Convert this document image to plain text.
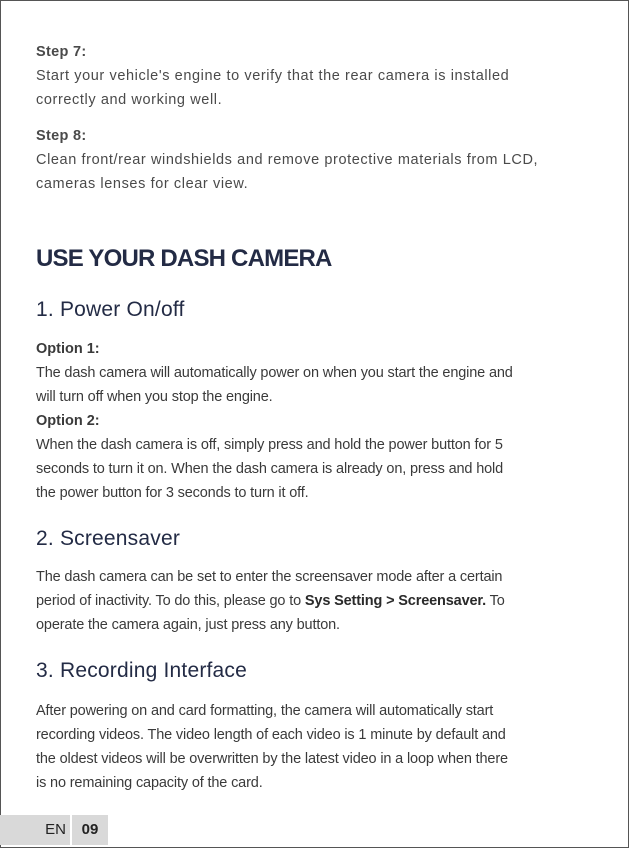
Step 7:

Start your vehicle's engine to verify that the rear camera is installed

correctly and working well.

Step 8:

Clean front/rear windshields and remove protective materials from LCD,

cameras lenses for clear view.

USE YOUR DASH CAMERA
1. Power On/off

Option 1:

The dash camera will automatically power on when you start the engine and

will turn off when you stop the engine.

Option 2:

When the dash camera is off, simply press and hold the power button for 5

seconds to turn it on. When the dash camera is already on, press and hold

the power button for 3 seconds to turn it off.

2. Screensaver

The dash camera can be set to enter the screensaver mode after a certain

period of inactivity. To do this, please go to Sys Setting > Screensaver. To

operate the camera again, just press any button.

3. Recording Interface

After powering on and card formatting, the camera will automatically start

recording videos. The video length of each video is 1 minute by default and

the oldest videos will be overwritten by the latest video in a loop when there

is no remaining capacity of the card.

EN	09
